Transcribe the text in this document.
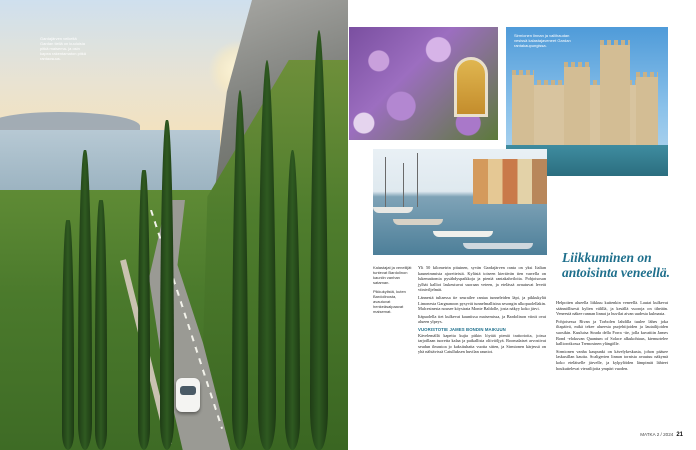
Gardajärven veikeltä Gardan tiellä on kuuluisia pitkä maisema- ja osin kapea rakentamaton pitkä rantaosuus.
Sirmionen linnan ja vallihaudan vesissä kalastajaveneet Gardan rantakaupungissa.
Kalastajat ja veneilijät tuntevat Bardolinon kauniin vanhan sataman.
Pikkukylistä, kuten Bardolinosta, avautuvat henkeäsalpaavat maisemat.

Yli 50 kilometrin pituinen, syvän Gardajärven ranta on yksi Italian kauneimmista ajoreiteistä. Kylästä toiseen kiertävän tien varrella on lukemattomia pysähdyspaikkoja ja pieniä rantakahviloita. Pohjoisosan jylhät kalliot laskeutuvat suoraan veteen, ja etelässä avautuvat leveät viiniviljelmät.

Lännestä tultaessa tie seurailee rantaa tunneleiden läpi, ja pikkukylät Limonesta Gargnanoon pysyvät tunnelmallisina sesongin ulkopuolellakin. Malcesinesta nousee köysirata Monte Baldolle, josta näkyy koko järvi.

Itäpuolella tiet kulkevat kauniissa maisemissa, ja Bardolinon viinit ovat alueen ylpeys.

VUORISTOTIE JAMES BONDIN MAIKUUN

Kävelemällä kapeita kujia pitkin löytää pieniä trattorioita, joissa tarjoillaan tuoretta kalaa ja paikallista oliiviöljyä. Roomalaiset arvostivat seudun ilmastoa jo kaksituhatta vuotta sitten, ja Sirmionen kärjessä on yhä nähtävissä Catulluksen huvilan rauniot.

Liikkuminen on antoisinta veneellä.

Helpoiten alueella liikkuu kuitenkin veneellä. Lautat kulkevat säännöllisesti kylien välillä, ja kesällä vuoroja on tiheään. Veneestä näkee rannan linnat ja huvilat aivan uudesta kulmasta.

Pohjoisessa Rivan ja Torbolen lahdilla tuulee lähes joka iltapäivä, mikä tekee alueesta purjehtijoiden ja lautailijoiden suosikin. Kuuluisa Strada della Forra -tie, jolla kuvattiin James Bond -elokuvan Quantum of Solace alkukohtaus, kiemurtelee kalliorotkossa Tremosinen ylängölle.

Sirmionen vanha kaupunki on kävelykeskusta, johon pääsee laskusillan kautta. Scaligerien linnan tornista avautuu näkymä koko eteläiselle järvelle, ja kylpylöiden lämpimät lähteet houkuttelevat vierailijoita ympäri vuoden.

MATKA 2 / 2024 21
